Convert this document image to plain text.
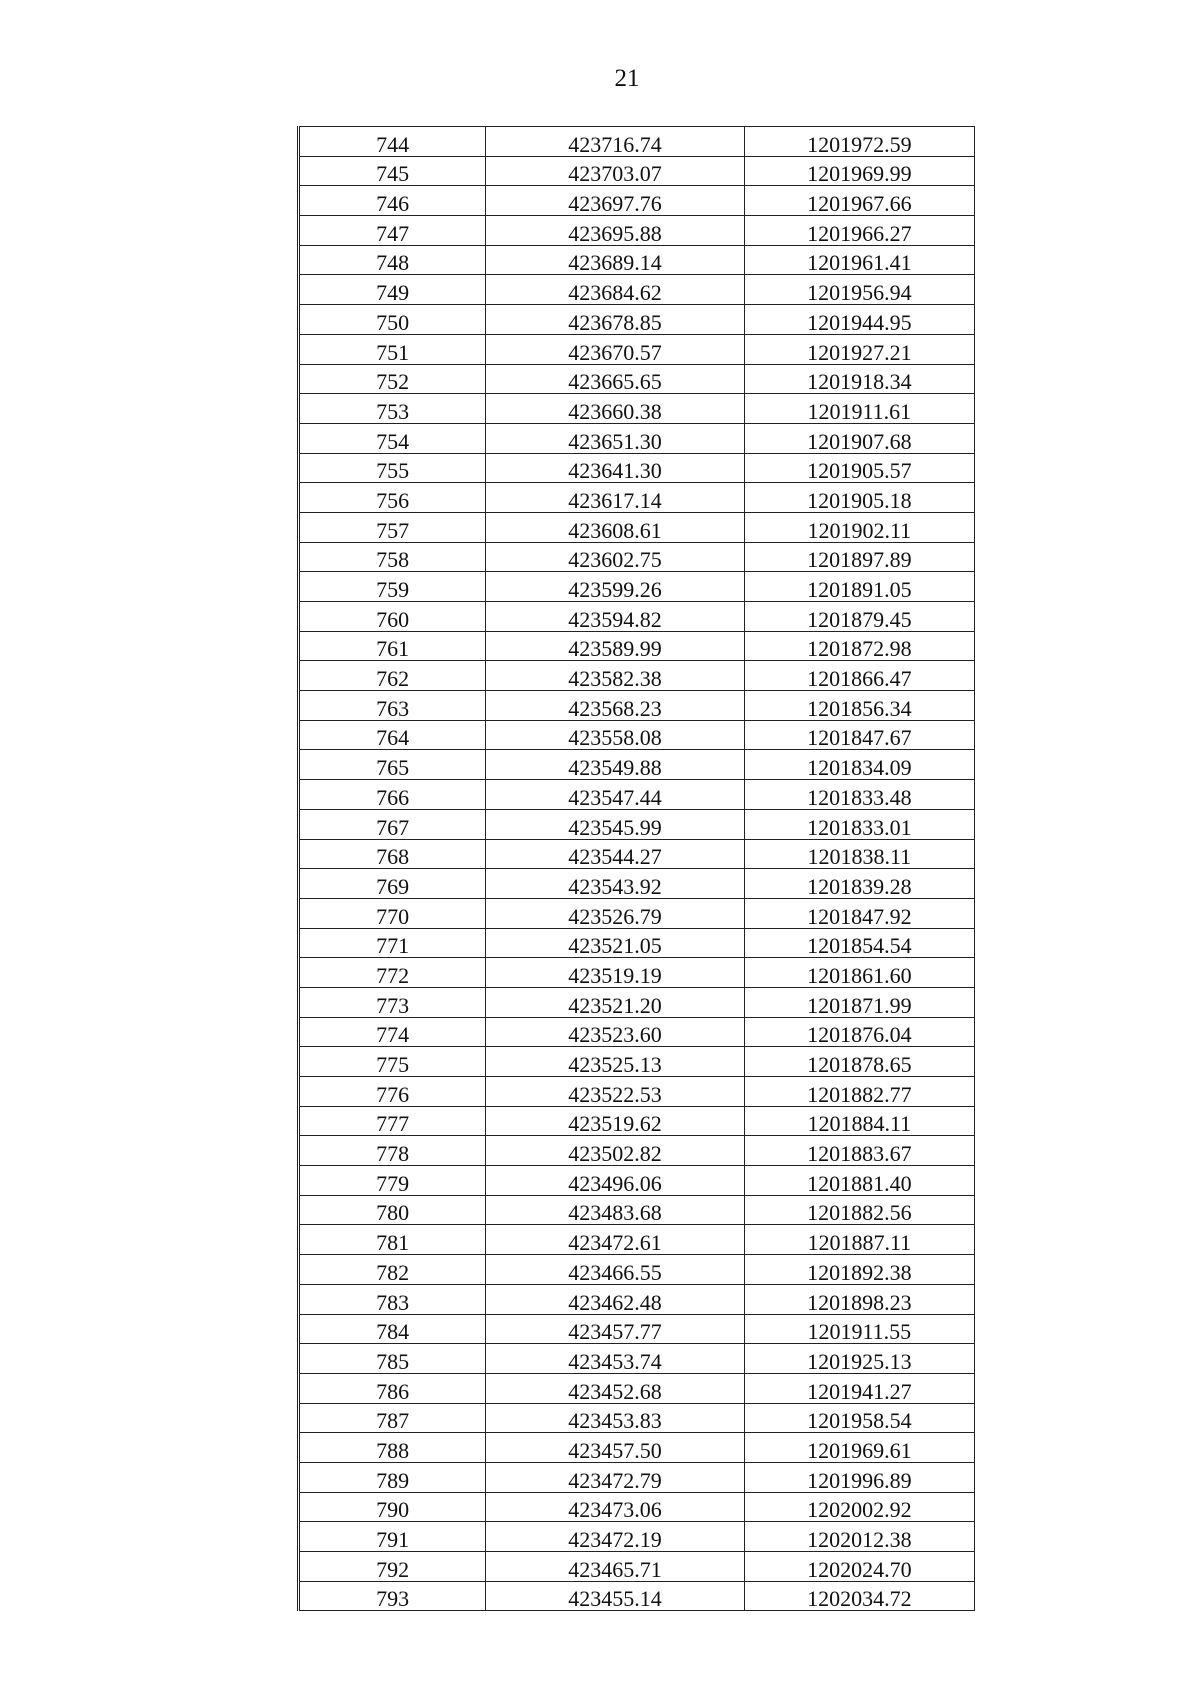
21
744	423716.74	1201972.59
745	423703.07	1201969.99
746	423697.76	1201967.66
747	423695.88	1201966.27
748	423689.14	1201961.41
749	423684.62	1201956.94
750	423678.85	1201944.95
751	423670.57	1201927.21
752	423665.65	1201918.34
753	423660.38	1201911.61
754	423651.30	1201907.68
755	423641.30	1201905.57
756	423617.14	1201905.18
757	423608.61	1201902.11
758	423602.75	1201897.89
759	423599.26	1201891.05
760	423594.82	1201879.45
761	423589.99	1201872.98
762	423582.38	1201866.47
763	423568.23	1201856.34
764	423558.08	1201847.67
765	423549.88	1201834.09
766	423547.44	1201833.48
767	423545.99	1201833.01
768	423544.27	1201838.11
769	423543.92	1201839.28
770	423526.79	1201847.92
771	423521.05	1201854.54
772	423519.19	1201861.60
773	423521.20	1201871.99
774	423523.60	1201876.04
775	423525.13	1201878.65
776	423522.53	1201882.77
777	423519.62	1201884.11
778	423502.82	1201883.67
779	423496.06	1201881.40
780	423483.68	1201882.56
781	423472.61	1201887.11
782	423466.55	1201892.38
783	423462.48	1201898.23
784	423457.77	1201911.55
785	423453.74	1201925.13
786	423452.68	1201941.27
787	423453.83	1201958.54
788	423457.50	1201969.61
789	423472.79	1201996.89
790	423473.06	1202002.92
791	423472.19	1202012.38
792	423465.71	1202024.70
793	423455.14	1202034.72
